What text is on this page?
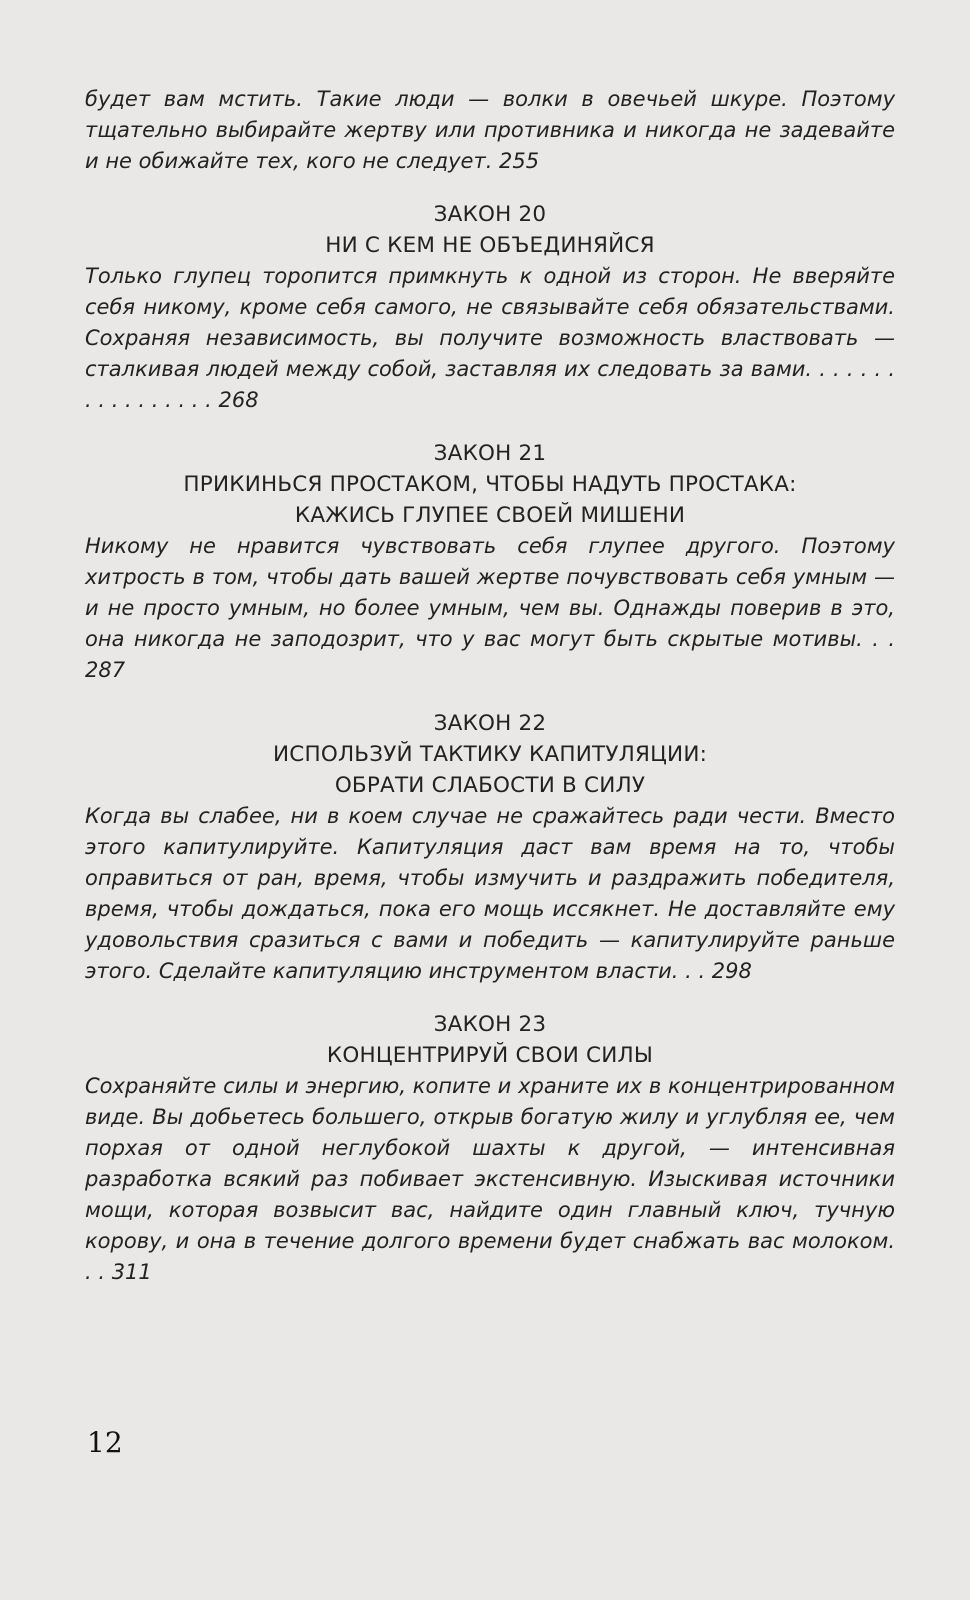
будет вам мстить. Такие люди — волки в овечьей шкуре. Поэтому тщательно выбирайте жертву или противника и никогда не задевайте и не обижайте тех, кого не следует. 255

ЗАКОН 20

НИ С КЕМ НЕ ОБЪЕДИНЯЙСЯ

Только глупец торопится примкнуть к одной из сторон. Не вверяйте себя никому, кроме себя самого, не связывайте себя обязательствами. Сохраняя независимость, вы получите возможность властвовать — сталкивая людей между собой, заставляя их следовать за вами. . . . . . . . . . . . . . . . . 268

ЗАКОН 21

ПРИКИНЬСЯ ПРОСТАКОМ, ЧТОБЫ НАДУТЬ ПРОСТАКА:

КАЖИСЬ ГЛУПЕЕ СВОЕЙ МИШЕНИ

Никому не нравится чувствовать себя глупее другого. Поэтому хитрость в том, чтобы дать вашей жертве почувствовать себя умным — и не просто умным, но более умным, чем вы. Однажды поверив в это, она никогда не заподозрит, что у вас могут быть скрытые мотивы. . . 287

ЗАКОН 22

ИСПОЛЬЗУЙ ТАКТИКУ КАПИТУЛЯЦИИ:

ОБРАТИ СЛАБОСТИ В СИЛУ

Когда вы слабее, ни в коем случае не сражайтесь ради чести. Вместо этого капитулируйте. Капитуляция даст вам время на то, чтобы оправиться от ран, время, чтобы измучить и раздражить победителя, время, чтобы дождаться, пока его мощь иссякнет. Не доставляйте ему удовольствия сразиться с вами и победить — капитулируйте раньше этого. Сделайте капитуляцию инструментом власти. . . 298

ЗАКОН 23

КОНЦЕНТРИРУЙ СВОИ СИЛЫ

Сохраняйте силы и энергию, копите и храните их в концентрированном виде. Вы добьетесь большего, открыв богатую жилу и углубляя ее, чем порхая от одной неглубокой шахты к другой, — интенсивная разработка всякий раз побивает экстенсивную. Изыскивая источники мощи, которая возвысит вас, найдите один главный ключ, тучную корову, и она в течение долгого времени будет снабжать вас молоком. . . 311

12
